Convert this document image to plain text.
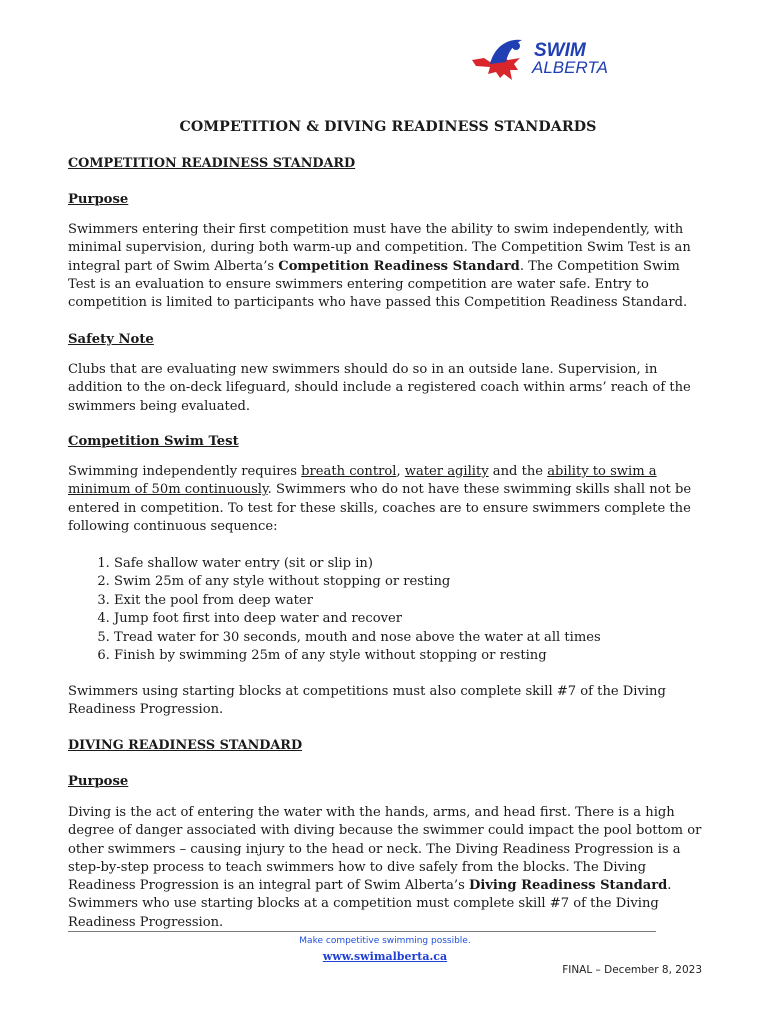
SWIM
ALBERTA
COMPETITION & DIVING READINESS STANDARDS
COMPETITION READINESS STANDARD
Purpose

Swimmers entering their first competition must have the ability to swim independently, with minimal supervision, during both warm-up and competition. The Competition Swim Test is an integral part of Swim Alberta’s Competition Readiness Standard. The Competition Swim Test is an evaluation to ensure swimmers entering competition are water safe. Entry to competition is limited to participants who have passed this Competition Readiness Standard.

Safety Note

Clubs that are evaluating new swimmers should do so in an outside lane. Supervision, in addition to the on-deck lifeguard, should include a registered coach within arms’ reach of the swimmers being evaluated.

Competition Swim Test

Swimming independently requires breath control, water agility and the ability to swim a minimum of 50m continuously. Swimmers who do not have these swimming skills shall not be entered in competition. To test for these skills, coaches are to ensure swimmers complete the following continuous sequence:

1. Safe shallow water entry (sit or slip in)
2. Swim 25m of any style without stopping or resting
3. Exit the pool from deep water
4. Jump foot first into deep water and recover
5. Tread water for 30 seconds, mouth and nose above the water at all times
6. Finish by swimming 25m of any style without stopping or resting

Swimmers using starting blocks at competitions must also complete skill #7 of the Diving Readiness Progression.

DIVING READINESS STANDARD
Purpose

Diving is the act of entering the water with the hands, arms, and head first. There is a high degree of danger associated with diving because the swimmer could impact the pool bottom or other swimmers – causing injury to the head or neck. The Diving Readiness Progression is a step-by-step process to teach swimmers how to dive safely from the blocks. The Diving Readiness Progression is an integral part of Swim Alberta’s Diving Readiness Standard. Swimmers who use starting blocks at a competition must complete skill #7 of the Diving Readiness Progression.

Make competitive swimming possible.
www.swimalberta.ca
FINAL – December 8, 2023
